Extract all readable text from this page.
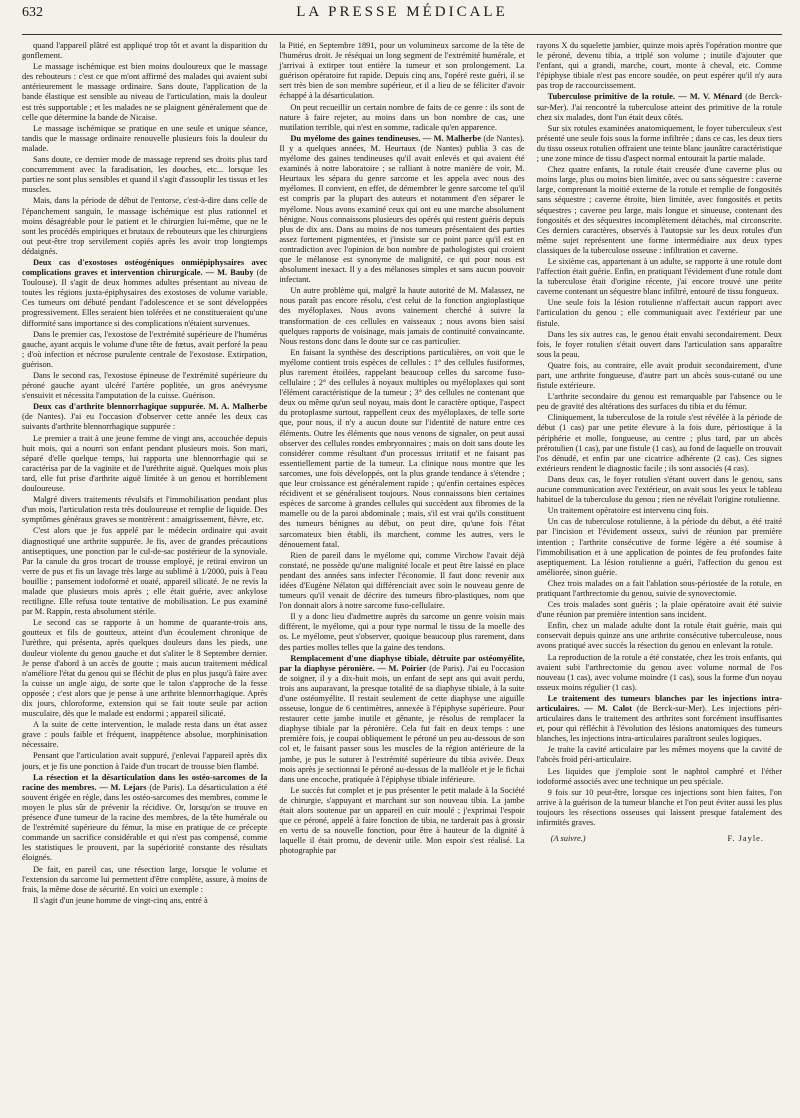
632	LA PRESSE MÉDICALE

quand l'appareil plâtré est appliqué trop tôt et avant la disparition du gonflement.

Le massage ischémique est bien moins douloureux que le massage des rebouteurs : c'est ce que m'ont affirmé des malades qui avaient subi antérieurement le massage ordinaire. Sans doute, l'application de la bande élastique est sensible au niveau de l'articulation, mais la douleur est très supportable ; et les malades ne se plaignent généralement que de celle que détermine la bande de Nicaise.

Le massage ischémique se pratique en une seule et unique séance, tandis que le massage ordinaire renouvelle plusieurs fois la douleur du malade.

Sans doute, ce dernier mode de massage reprend ses droits plus tard concurremment avec la faradisation, les douches, etc... lorsque les parties ne sont plus sensibles et quand il s'agit d'assouplir les tissus et les muscles.

Mais, dans la période de début de l'entorse, c'est-à-dire dans celle de l'épanchement sanguin, le massage ischémique est plus rationnel et moins désagréable pour le patient et le chirurgien lui-même, que ne le sont les procédés empiriques et brutaux de rebouteurs que les chirurgiens out peut-être trop servilement copiés après les avoir trop longtemps dédaignés.

Deux cas d'exostoses ostéogéniques onmiépiphysaires avec complications graves et intervention chirurgicale. — M. Bauby (de Toulouse). Il s'agit de deux hommes adultes présentant au niveau de toutes les régions juxta-épiphysaires des exostoses de volume variable. Ces tumeurs ont débuté pendant l'adolescence et se sont développées progressivement. Elles seraient bien tolérées et ne constitueraient qu'une difformité sans importance si des complications n'étaient survenues.

Dans le premier cas, l'exostose de l'extrémité supérieure de l'humérus gauche, ayant acquis le volume d'une tête de fœtus, avait perforé la peau ; d'où infection et nécrose purulente centrale de l'exostose. Extirpation, guérison.

Dans le second cas, l'exostose épineuse de l'extrémité supérieure du péroné gauche ayant ulcéré l'artère poplitée, un gros anévrysme s'ensuivit et nécessita l'amputation de la cuisse. Guérison.

Deux cas d'arthrite blennorrhagique suppurée. M. A. Malherbe (de Nantes). J'ai eu l'occasion d'observer cette année les deux cas suivants d'arthrite blennorrhagique suppurée :

Le premier a trait à une jeune femme de vingt ans, accouchée depuis huit mois, qui a nourri son enfant pendant plusieurs mois. Son mari, séparé d'elle quelque temps, lui rapporta une blennorrhagie qui se caractérisa par de la vaginite et de l'uréthrite aiguë. Quelques mois plus tard, elle fut prise d'arthrite aiguë limitée à un genou et horriblement douloureuse.

Malgré divers traitements révulsifs et l'immobilisation pendant plus d'un mois, l'articulation resta très douloureuse et remplie de liquide. Des symptômes généraux graves se montrèrent : amaigrissement, fièvre, etc.

C'est alors que je fus appelé par le médecin ordinaire qui avait diagnostiqué une arthrite suppurée. Je fis, avec de grandes précautions antiseptiques, une ponction par le cul-de-sac postérieur de la synoviale. Par la canule du gros trocart de trousse employé, je retirai environ un verre de pus et fis un lavage très large au sublimé à 1/2000, puis à l'eau bouillie ; pansement iodoformé et ouaté, appareil silicaté. Je ne revis la malade que plusieurs mois après ; elle était guérie, avec ankylose rectiligne. Elle refusa toute tentative de mobilisation. Le pus examiné par M. Rappin, resta absolument stérile.

Le second cas se rapporte à un homme de quarante-trois ans, goutteux et fils de goutteux, atteint d'un écoulement chronique de l'urèthre, qui présenta, après quelques douleurs dans les pieds, une douleur violente du genou gauche et dut s'aliter le 8 Septembre dernier. Je pense d'abord à un accès de goutte ; mais aucun traitement médical n'améliore l'état du genou qui se fléchit de plus en plus jusqu'à faire avec la cuisse un angle aigu, de sorte que le talon s'approche de la fesse opposée ; c'est alors que je pense à une arthrite blennorrhagique. Après dix jours, chloroforme, extension qui se fait toute seule par action musculaire, dès que le malade est endormi ; appareil silicaté.

A la suite de cette intervention, le malade resta dans un état assez grave : pouls faible et fréquent, inappétence absolue, morphinisation nécessaire.

Pensant que l'articulation avait suppuré, j'enlevai l'appareil après dix jours, et je fis une ponction à l'aide d'un trocart de trousse bien flambé.

La résection et la désarticulation dans les ostéo-sarcomes de la racine des membres. — M. Lejars (de Paris). La désarticulation a été souvent érigée en règle, dans les ostéo-sarcomes des membres, comme le moyen le plus sûr de prévenir la récidive. Or, lorsqu'on se trouve en présence d'une tumeur de la racine des membres, de la tête humérale ou de l'extrémité supérieure du fémur, la mise en pratique de ce précepte commande un sacrifice considérable et qui n'est pas compensé, comme les statistiques le prouvent, par la supériorité constante des résultats éloignés.

De fait, en pareil cas, une résection large, lorsque le volume et l'extension du sarcome lui permettent d'être complète, assure, à moins de frais, la même dose de sécurité. En voici un exemple :

Il s'agit d'un jeune homme de vingt-cinq ans, entré à

la Pitié, en Septembre 1891, pour un volumineux sarcome de la tête de l'humérus droit. Je réséquai un long segment de l'extrémité humérale, et j'arrivai à extirper tout entière la tumeur et son prolongement. La guérison opératoire fut rapide. Depuis cinq ans, l'opéré reste guéri, il se sert très bien de son membre supérieur, et il a lieu de se féliciter d'avoir échappé à la désarticulation.

On peut recueillir un certain nombre de faits de ce genre : ils sont de nature à faire rejeter, au moins dans un bon nombre de cas, une mutilation terrible, qui n'est en somme, radicale qu'en apparence.

Du myélome des gaines tendineuses. — M. Malherbe (de Nantes). Il y a quelques années, M. Heurtaux (de Nantes) publia 3 cas de myélome des gaines tendineuses qu'il avait enlevés et qui avaient été examinés à notre laboratoire ; se ralliant à notre manière de voir, M. Heurtaux les sépara du genre sarcome et les appela avec nous des myélomes. Il convient, en effet, de démembrer le genre sarcome tel qu'il est compris par la plupart des auteurs et notamment d'en séparer le myélome. Nous avons examiné ceux qui ont eu une marche absolument bénigne. Nous connaissons plusieurs des opérés qui restent guéris depuis plus de dix ans. Dans au moins de nos tumeurs présentaient des parties assez fortement pigmentées, et j'insiste sur ce point parce qu'il est en contradiction avec l'opinion de bon nombre de pathologistes qui croient que le mélanose est synonyme de malignité, ce qui pour nous est absolument inexact. Il y a des mélanoses simples et sans aucun pouvoir infectant.

Un autre problème qui, malgré la haute autorité de M. Malassez, ne nous paraît pas encore résolu, c'est celui de la fonction angioplastique des myéloplaxes. Nous avons vainement cherché à suivre la transformation de ces cellules en vaisseaux ; nous avons bien saisi quelques rapports de voisinage, mais jamais de continuité convaincante. Nous restons donc dans le doute sur ce cas particulier.

En faisant la synthèse des descriptions particulières, on voit que le myélome contient trois espèces de cellules : 1° des cellules fusiformes, plus rarement étoilées, rappelant beaucoup celles du sarcome fuso-cellulaire ; 2° des cellules à noyaux multiples ou myéloplaxes qui sont l'élément caractéristique de la tumeur ; 3° des cellules ne contenant que deux ou même qu'un seul noyau, mais dont le caractère optique, l'aspect du protoplasme surtout, rappellent ceux des myéloplaxes, de telle sorte que, pour nous, il n'y a aucun doute sur l'identité de nature entre ces éléments. Outre les éléments que nous venons de signaler, on peut aussi observer des cellules rondes embryonnaires ; mais on doit sans doute les considérer comme résultant d'un processus irritatif et ne faisant pas essentiellement partie de la tumeur. La clinique nous montre que les sarcomes, une fois développés, ont la plus grande tendance à s'étendre ; que leur croissance est généralement rapide ; qu'enfin certaines espèces récidivent et se généralisent toujours. Nous connaissons bien certaines espèces de sarcome à grandes cellules qui succèdent aux fibromes de la mamelle ou de la paroi abdominale ; mais, s'il est vrai qu'ils constituent des tumeurs bénignes au début, on peut dire, qu'une fois l'état sarcomateux bien établi, ils marchent, comme les autres, vers le dénouement fatal.

Rien de pareil dans le myélome qui, comme Virchow l'avait déjà constaté, ne possède qu'une malignité locale et peut être laissé en place pendant des années sans infecter l'économie. Il faut donc revenir aux idées d'Eugène Nélaton qui différenciait avec soin le nouveau genre de tumeurs qu'il venait de décrire des tumeurs fibro-plastiques, nom que l'on donnait alors à notre sarcome fuso-cellulaire.

Il y a donc lieu d'admettre auprès du sarcome un genre voisin mais différent, le myélome, qui a pour type normal le tissu de la moelle des os. Le myélome, peut s'observer, quoique beaucoup plus rarement, dans des parties molles telles que la gaine des tendons.

Remplacement d'une diaphyse tibiale, détruite par ostéomyélite, par la diaphyse péronière. — M. Poirier (de Paris). J'ai eu l'occasion de soigner, il y a dix-huit mois, un enfant de sept ans qui avait perdu, trois ans auparavant, la presque totalité de sa diaphyse tibiale, à la suite d'une ostéomyélite. Il restait seulement de cette diaphyse une aiguille osseuse, longue de 6 centimètres, annexée à l'épiphyse supérieure. Pour restaurer cette jambe inutile et gênante, je résolus de remplacer la diaphyse tibiale par la péronière. Cela fut fait en deux temps : une première fois, je coupai obliquement le péroné un peu au-dessous de son col et, le faisant passer sous les muscles de la région antérieure de la jambe, je pus le suturer à l'extrémité supérieure du tibia avivée. Deux mois après je sectionnai le péroné au-dessus de la malléole et je le fichai dans une encoche, pratiquée à l'épiphyse tibiale inférieure.

Le succès fut complet et je pus présenter le petit malade à la Société de chirurgie, s'appuyant et marchant sur son nouveau tibia. La jambe était alors soutenue par un appareil en cuir moulé ; j'exprimai l'espoir que ce péroné, appelé à faire fonction de tibia, ne tarderait pas à grossir en vertu de sa nouvelle fonction, pour être à hauteur de la dignité à laquelle il était promu, de devenir utile. Mon espoir s'est réalisé. La photographie par

rayons X du squelette jambier, quinze mois après l'opération montre que le péroné, devenu tibia, a triplé son volume ; inutile d'ajouter que l'enfant, qui a grandi, marche, court, monte à cheval, etc. Comme l'épiphyse tibiale n'est pas encore soudée, on peut espérer qu'il n'y aura pas trop de raccourcissement.

Tuberculose primitive de la rotule. — M. V. Ménard (de Berck-sur-Mer). J'ai rencontré la tuberculose atteint des primitive de la rotule chez six malades, dont l'un était deux côtés.

Sur six rotules examinées anatomiquement, le foyer tuberculeux s'est présenté une seule fois sous la forme infiltrée ; dans ce cas, les deux tiers du tissu osseux rotulien offraient une teinte blanc jaunâtre caractéristique ; une zone mince de tissu d'aspect normal entourait la partie malade.

Chez quatre enfants, la rotule était creusée d'une caverne plus ou moins large, plus ou moins bien limitée, avec ou sans séquestre : caverne large, comprenant la moitié externe de la rotule et remplie de fongosités sans séquestre ; caverne étroite, bien limitée, avec fongosités et petits séquestres ; caverne peu large, mais longue et sinueuse, contenant des fongosités et des séquestres incomplètement détachés, mal circonscrite. Ces derniers caractères, observés à l'autopsie sur les deux rotules d'un même sujet représentent une forme intermédiaire aux deux types classiques de la tuberculose osseuse : infiltration et caverne.

Le sixième cas, appartenant à un adulte, se rapporte à une rotule dont l'affection était guérie. Enfin, en pratiquant l'évidement d'une rotule dont la tuberculose était d'origine récente, j'ai encore trouvé une petite caverne contenant un séquestre blanc infiltré, entouré de tissu fongueux.

Une seule fois la lésion rotulienne n'affectait aucun rapport avec l'articulation du genou ; elle communiquait avec l'extérieur par une fistule.

Dans les six autres cas, le genou était envahi secondairement. Deux fois, le foyer rotulien s'était ouvert dans l'articulation sans apparaître sous la peau.

Quatre fois, au contraire, elle avait produit secondairement, d'une part, une arthrite fongueuse, d'autre part un abcès sous-cutané ou une fistule extérieure.

L'arthrite secondaire du genou est remarquable par l'absence ou le peu de gravité des altérations des surfaces du tibia et du fémur.

Cliniquement, la tuberculose de la rotule s'est révélée à la période de début (1 cas) par une petite élevure à la fois dure, périostique à la périphérie et molle, fongueuse, au centre ; plus tard, par un abcès prérotulien (1 cas), par une fistule (1 cas), au fond de laquelle on trouvait l'os dénudé, et enfin par une cicatrice adhérente (2 cas). Ces signes extérieurs rendent le diagnostic facile ; ils sont associés (4 cas).

Dans deux cas, le foyer rotulien s'étant ouvert dans le genou, sans aucune communication avec l'extérieur, on avait sous les yeux le tableau habituel de la tuberculose du genou ; rien ne révélait l'origine rotulienne.

Un traitement opératoire est intervenu cinq fois.

Un cas de tuberculose rotulienne, à la période du début, a été traité par l'incision et l'évidement osseux, suivi de réunion par première intention ; l'arthrite consécutive de forme légère a été soumise à l'immobilisation et à une application de pointes de feu profondes faite aseptiquement. La lésion rotulienne a guéri, l'affection du genou est améliorée, sinon guérie.

Chez trois malades on a fait l'ablation sous-périostée de la rotule, en pratiquant l'arthrectomie du genou, suivie de synovectomie.

Ces trois malades sont guéris ; la plaie opératoire avait été suivie d'une réunion par première intention sans incident.

Enfin, chez un malade adulte dont la rotule était guérie, mais qui conservait depuis quinze ans une arthrite consécutive tuberculeuse, nous avons pratiqué avec succès la résection du genou en enlevant la rotule.

La reproduction de la rotule a été constatée, chez les trois enfants, qui avaient subi l'arthrectomie du genou avec volume normal de l'os nouveau (1 cas), avec volume moindre (1 cas), sous la forme d'un noyau osseux moins régulier (1 cas).

Le traitement des tumeurs blanches par les injections intra-articulaires. — M. Calot (de Berck-sur-Mer). Les injections péri-articulaires dans le traitement des arthrites sont forcément insuffisantes et, pour qui réfléchit à l'évolution des lésions anatomiques des tumeurs blanches, les injections intra-articulaires paraîtront seules logiques.

Je traite la cavité articulaire par les mêmes moyens que la cavité de l'abcès froid péri-articulaire.

Les liquides que j'emploie sont le naphtol camphré et l'éther iodoformé associés avec une technique un peu spéciale.

9 fois sur 10 peut-être, lorsque ces injections sont bien faites, l'on arrive à la guérison de la tumeur blanche et l'on peut éviter aussi les plus toujours les résections osseuses qui laissent presque fatalement des infirmités graves.

(A suivre.)	F. Jayle.
